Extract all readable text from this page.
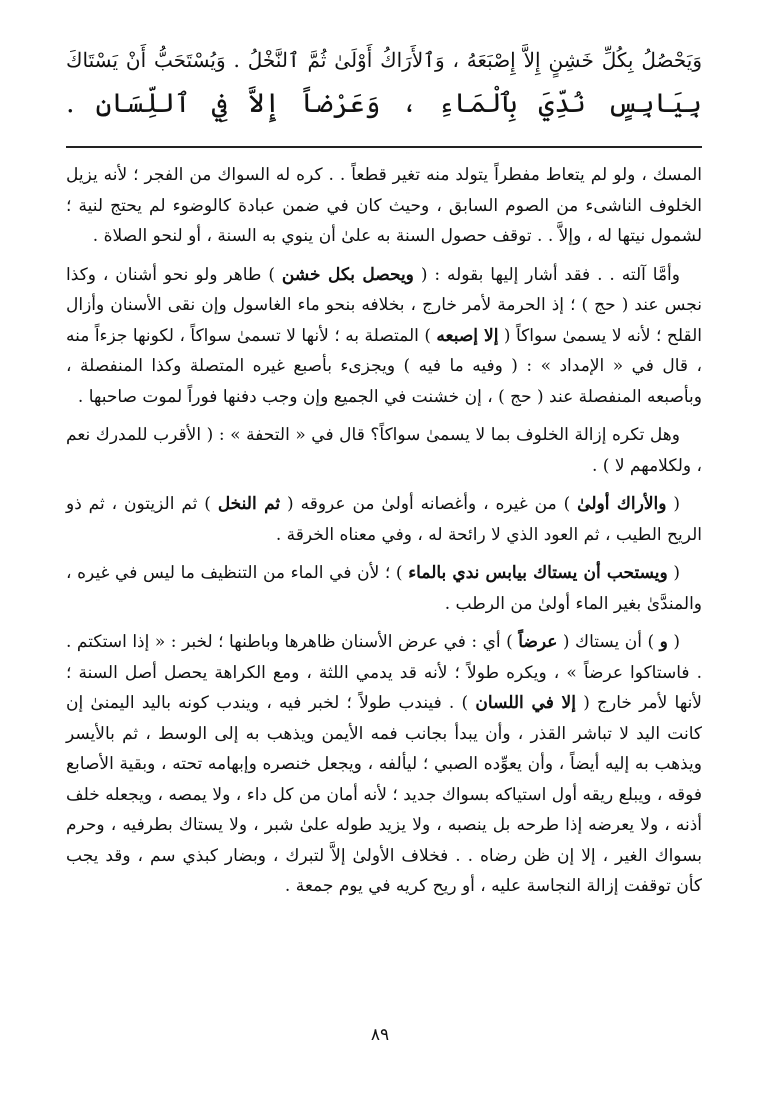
وَيَحْصُلُ بِكُلِّ خَشِنٍ إِلاَّ إِصْبَعَهُ ، وَٱلأَرَاكُ أَوْلَىٰ ثُمَّ ٱلنَّخْلُ . وَيُسْتَحَبُّ أَنْ يَسْتَاكَ
بِيَابِسٍ نُدِّيَ بِٱلْمَاءِ ، وَعَرْضاً إِلاَّ فِي ٱللِّسَانِ .

المسك ، ولو لم يتعاط مفطراً يتولد منه تغير قطعاً . . كره له السواك من الفجر ؛ لأنه يزيل الخلوف الناشىء من الصوم السابق ، وحيث كان في ضمن عبادة كالوضوء لم يحتج لنية ؛ لشمول نيتها له ، وإلاَّ . . توقف حصول السنة به علىٰ أن ينوي به السنة ، أو لنحو الصلاة .

وأمَّا آلته . . فقد أشار إليها بقوله : ( ويحصل بكل خشن ) طاهر ولو نحو أشنان ، وكذا نجس عند ( حج ) ؛ إذ الحرمة لأمر خارج ، بخلافه بنحو ماء الغاسول وإن نقى الأسنان وأزال القلح ؛ لأنه لا يسمىٰ سواكاً ( إلا إصبعه ) المتصلة به ؛ لأنها لا تسمىٰ سواكاً ، لكونها جزءاً منه ، قال في « الإمداد » : ( وفيه ما فيه ) ويجزىء بأصبع غيره المتصلة وكذا المنفصلة ، وبأصبعه المنفصلة عند ( حج ) ، إن خشنت في الجميع وإن وجب دفنها فوراً لموت صاحبها .

وهل تكره إزالة الخلوف بما لا يسمىٰ سواكاً؟ قال في « التحفة » : ( الأقرب للمدرك نعم ، ولكلامهم لا ) .

( والأراك أولىٰ ) من غيره ، وأغصانه أولىٰ من عروقه ( ثم النخل ) ثم الزيتون ، ثم ذو الريح الطيب ، ثم العود الذي لا رائحة له ، وفي معناه الخرقة .

( ويستحب أن يستاك بيابس ندي بالماء ) ؛ لأن في الماء من التنظيف ما ليس في غيره ، والمندَّىٰ بغير الماء أولىٰ من الرطب .

( و ) أن يستاك ( عرضاً ) أي : في عرض الأسنان ظاهرها وباطنها ؛ لخبر : « إذا استكتم . . فاستاكوا عرضاً » ، ويكره طولاً ؛ لأنه قد يدمي اللثة ، ومع الكراهة يحصل أصل السنة ؛ لأنها لأمر خارج ( إلا في اللسان ) . فيندب طولاً ؛ لخبر فيه ، ويندب كونه باليد اليمنىٰ إن كانت اليد لا تباشر القذر ، وأن يبدأ بجانب فمه الأيمن ويذهب به إلى الوسط ، ثم بالأيسر ويذهب به إليه أيضاً ، وأن يعوِّده الصبي ؛ ليألفه ، ويجعل خنصره وإبهامه تحته ، وبقية الأصابع فوقه ، ويبلع ريقه أول استياكه بسواك جديد ؛ لأنه أمان من كل داء ، ولا يمصه ، ويجعله خلف أذنه ، ولا يعرضه إذا طرحه بل ينصبه ، ولا يزيد طوله علىٰ شبر ، ولا يستاك بطرفيه ، وحرم بسواك الغير ، إلا إن ظن رضاه . . فخلاف الأولىٰ إلاَّ لتبرك ، وبضار كبذي سم ، وقد يجب كأن توقفت إزالة النجاسة عليه ، أو ريح كريه في يوم جمعة .

٨٩
